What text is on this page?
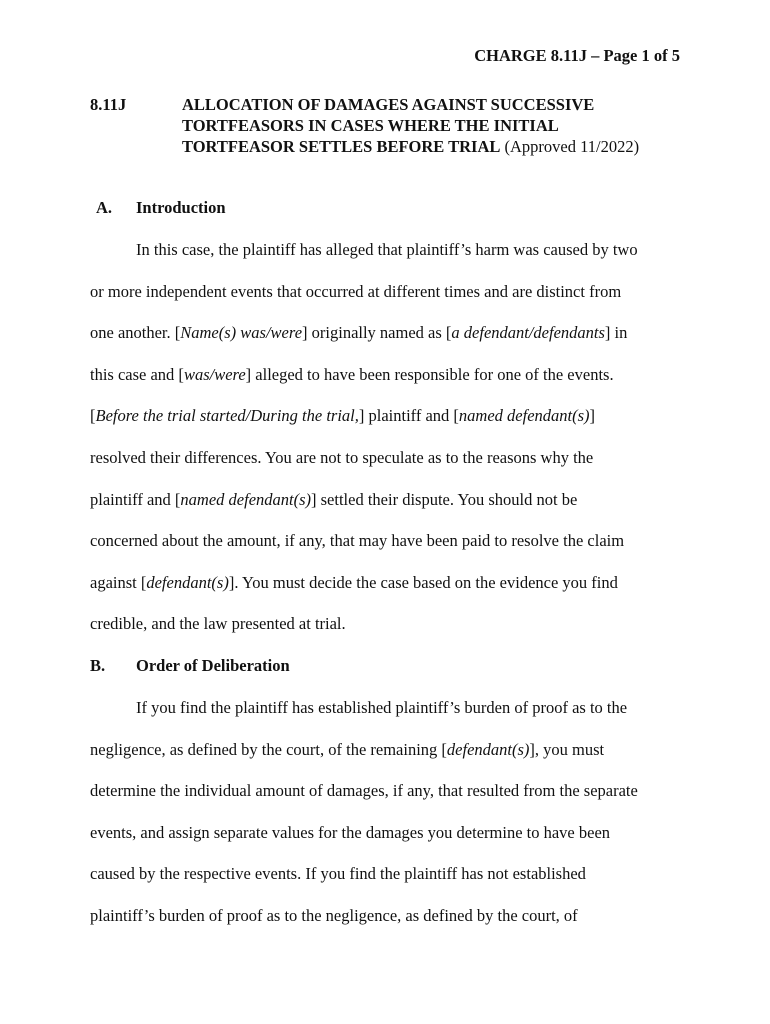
CHARGE 8.11J – Page 1 of 5
8.11J	ALLOCATION OF DAMAGES AGAINST SUCCESSIVE
TORTFEASORS IN CASES WHERE THE INITIAL
TORTFEASOR SETTLES BEFORE TRIAL (Approved 11/2022)
A. Introduction
In this case, the plaintiff has alleged that plaintiff’s harm was caused by two
or more independent events that occurred at different times and are distinct from
one another. [Name(s) was/were] originally named as [a defendant/defendants] in
this case and [was/were] alleged to have been responsible for one of the events.
[Before the trial started/During the trial,] plaintiff and [named defendant(s)]
resolved their differences. You are not to speculate as to the reasons why the
plaintiff and [named defendant(s)] settled their dispute. You should not be
concerned about the amount, if any, that may have been paid to resolve the claim
against [defendant(s)]. You must decide the case based on the evidence you find
credible, and the law presented at trial.
B. Order of Deliberation
If you find the plaintiff has established plaintiff’s burden of proof as to the
negligence, as defined by the court, of the remaining [defendant(s)], you must
determine the individual amount of damages, if any, that resulted from the separate
events, and assign separate values for the damages you determine to have been
caused by the respective events. If you find the plaintiff has not established
plaintiff’s burden of proof as to the negligence, as defined by the court, of
